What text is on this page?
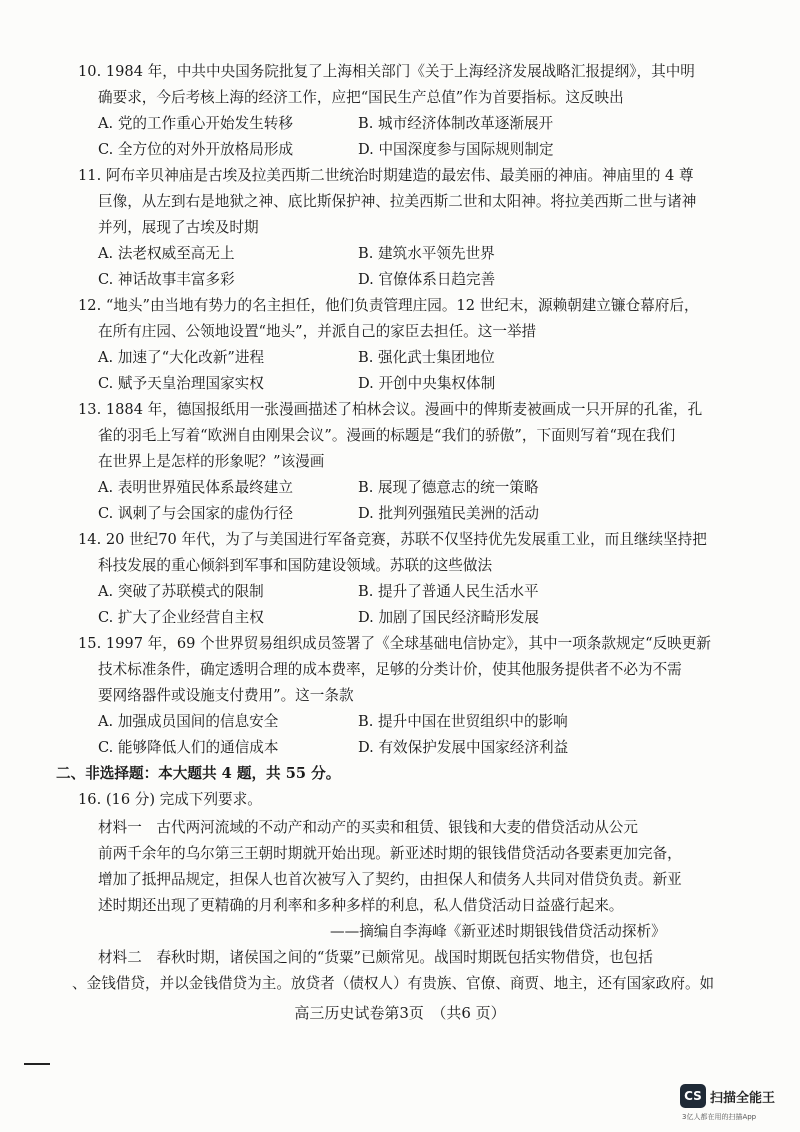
10. 1984 年，中共中央国务院批复了上海相关部门《关于上海经济发展战略汇报提纲》，其中明
确要求，今后考核上海的经济工作，应把“国民生产总值”作为首要指标。这反映出
A. 党的工作重心开始发生转移	B. 城市经济体制改革逐渐展开
C. 全方位的对外开放格局形成	D. 中国深度参与国际规则制定
11. 阿布辛贝神庙是古埃及拉美西斯二世统治时期建造的最宏伟、最美丽的神庙。神庙里的 4 尊
巨像，从左到右是地狱之神、底比斯保护神、拉美西斯二世和太阳神。将拉美西斯二世与诸神
并列，展现了古埃及时期
A. 法老权威至高无上	B. 建筑水平领先世界
C. 神话故事丰富多彩	D. 官僚体系日趋完善
12. “地头”由当地有势力的名主担任，他们负责管理庄园。12 世纪末，源赖朝建立镰仓幕府后，
在所有庄园、公领地设置“地头”，并派自己的家臣去担任。这一举措
A. 加速了“大化改新”进程	B. 强化武士集团地位
C. 赋予天皇治理国家实权	D. 开创中央集权体制
13. 1884 年，德国报纸用一张漫画描述了柏林会议。漫画中的俾斯麦被画成一只开屏的孔雀，孔
雀的羽毛上写着“欧洲自由刚果会议”。漫画的标题是“我们的骄傲”，下面则写着“现在我们
在世界上是怎样的形象呢？”该漫画
A. 表明世界殖民体系最终建立	B. 展现了德意志的统一策略
C. 讽刺了与会国家的虚伪行径	D. 批判列强殖民美洲的活动
14. 20 世纪70 年代，为了与美国进行军备竞赛，苏联不仅坚持优先发展重工业，而且继续坚持把
科技发展的重心倾斜到军事和国防建设领域。苏联的这些做法
A. 突破了苏联模式的限制	B. 提升了普通人民生活水平
C. 扩大了企业经营自主权	D. 加剧了国民经济畸形发展
15. 1997 年，69 个世界贸易组织成员签署了《全球基础电信协定》，其中一项条款规定“反映更新
技术标准条件，确定透明合理的成本费率，足够的分类计价，使其他服务提供者不必为不需
要网络器件或设施支付费用”。这一条款
A. 加强成员国间的信息安全	B. 提升中国在世贸组织中的影响
C. 能够降低人们的通信成本	D. 有效保护发展中国家经济利益
二、非选择题：本大题共 4 题，共 55 分。
16. (16 分) 完成下列要求。
材料一　古代两河流域的不动产和动产的买卖和租赁、银钱和大麦的借贷活动从公元
前两千余年的乌尔第三王朝时期就开始出现。新亚述时期的银钱借贷活动各要素更加完备，
增加了抵押品规定，担保人也首次被写入了契约，由担保人和债务人共同对借贷负责。新亚
述时期还出现了更精确的月利率和多种多样的利息，私人借贷活动日益盛行起来。
——摘编自李海峰《新亚述时期银钱借贷活动探析》
材料二　春秋时期，诸侯国之间的“货粟”已颇常见。战国时期既包括实物借贷，也包括
、金钱借贷，并以金钱借贷为主。放贷者（债权人）有贵族、官僚、商贾、地主，还有国家政府。如
高三历史试卷第3页　（共6 页）
CS 扫描全能王
3亿人都在用的扫描App
